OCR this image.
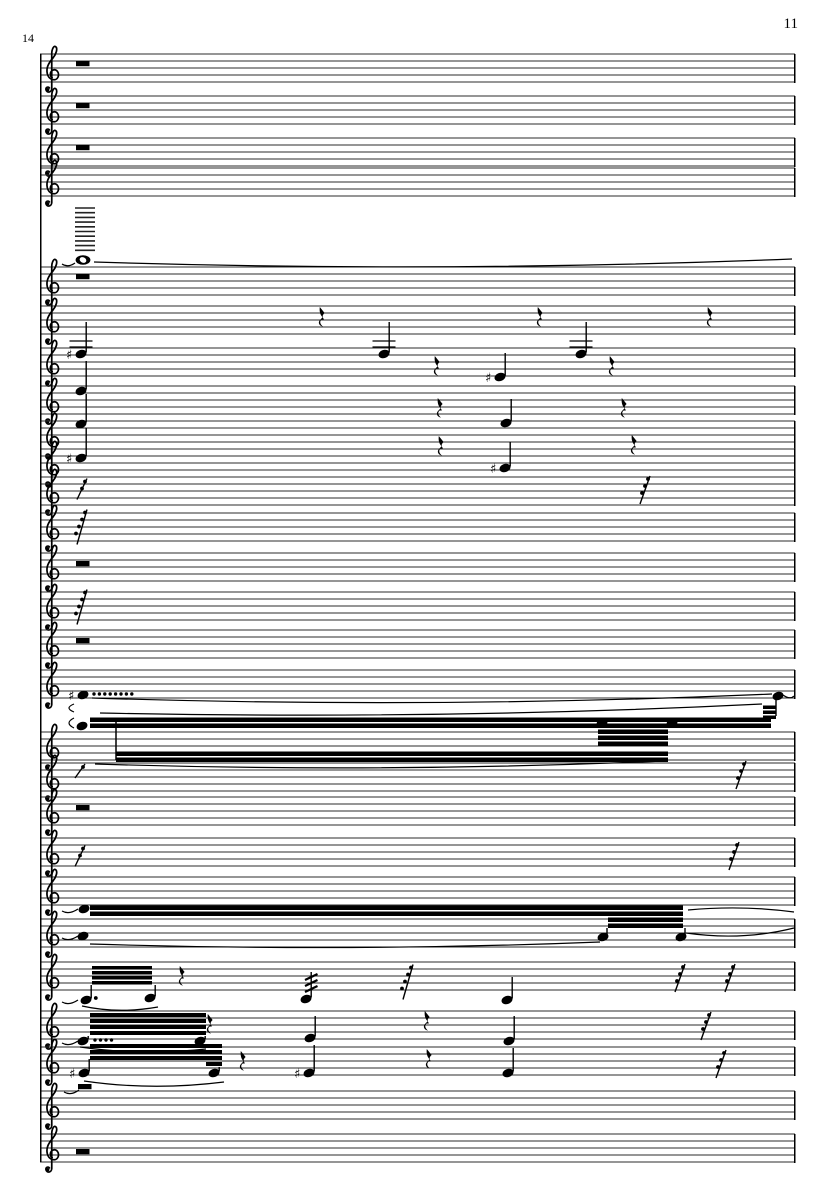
11
14
♯
♯
♯
♯
♯
♯	♯
